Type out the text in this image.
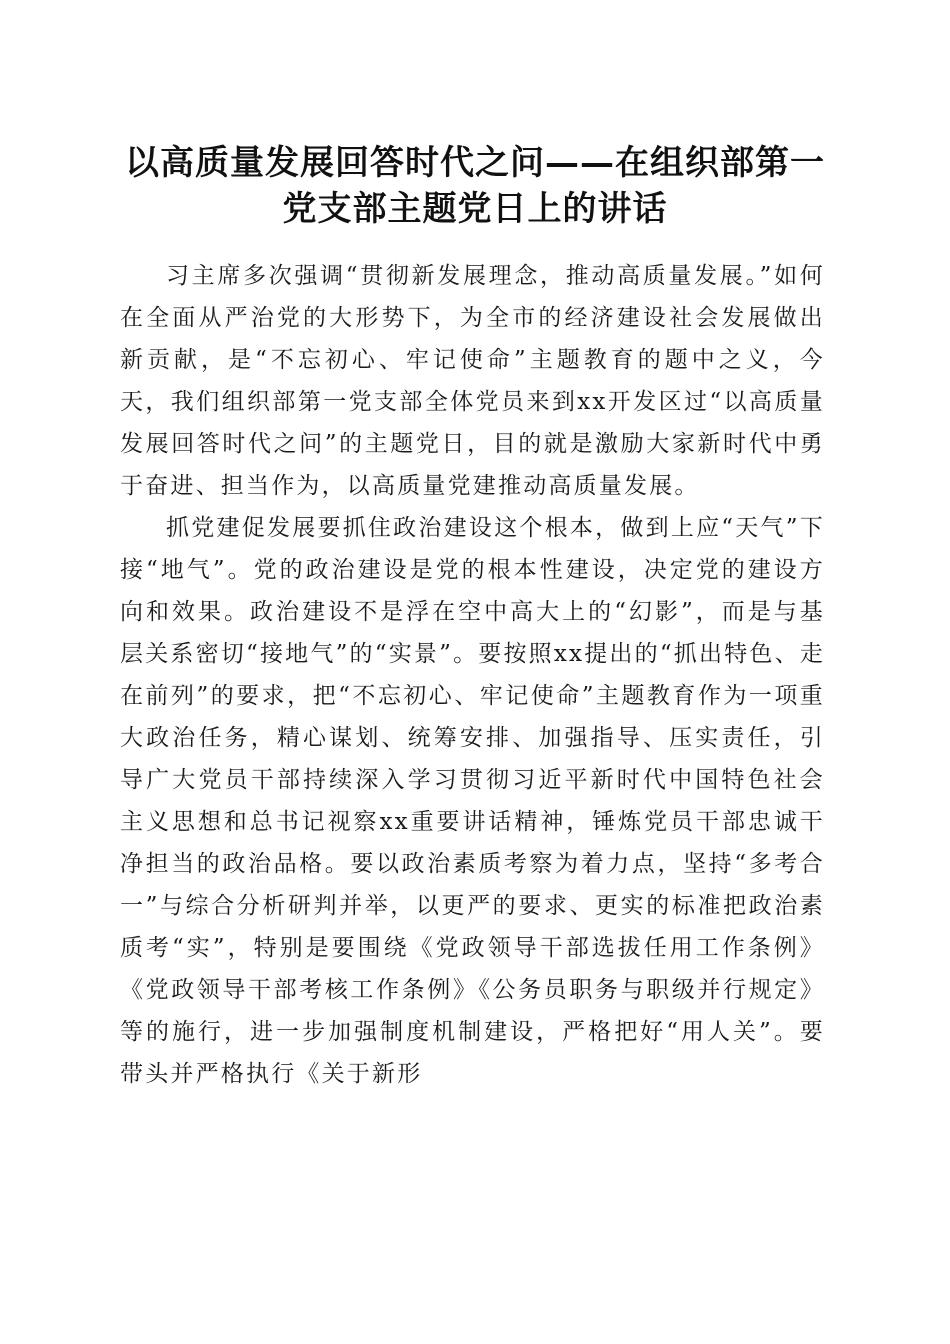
以高质量发展回答时代之问——在组织部第一
党支部主题党日上的讲话

习主席多次强调“贯彻新发展理念，推动高质量发展。”如何在全面从严治党的大形势下，为全市的经济建设社会发展做出新贡献，是“不忘初心、牢记使命”主题教育的题中之义，今天，我们组织部第一党支部全体党员来到xx开发区过“以高质量发展回答时代之问”的主题党日，目的就是激励大家新时代中勇于奋进、担当作为，以高质量党建推动高质量发展。

抓党建促发展要抓住政治建设这个根本，做到上应“天气”下接“地气”。党的政治建设是党的根本性建设，决定党的建设方向和效果。政治建设不是浮在空中高大上的“幻影”，而是与基层关系密切“接地气”的“实景”。要按照xx提出的“抓出特色、走在前列”的要求，把“不忘初心、牢记使命”主题教育作为一项重大政治任务，精心谋划、统筹安排、加强指导、压实责任，引导广大党员干部持续深入学习贯彻习近平新时代中国特色社会主义思想和总书记视察xx重要讲话精神，锤炼党员干部忠诚干净担当的政治品格。要以政治素质考察为着力点，坚持“多考合一”与综合分析研判并举，以更严的要求、更实的标准把政治素质考“实”，特别是要围绕《党政领导干部选拔任用工作条例》《党政领导干部考核工作条例》《公务员职务与职级并行规定》等的施行，进一步加强制度机制建设，严格把好“用人关”。要带头并严格执行《关于新形
